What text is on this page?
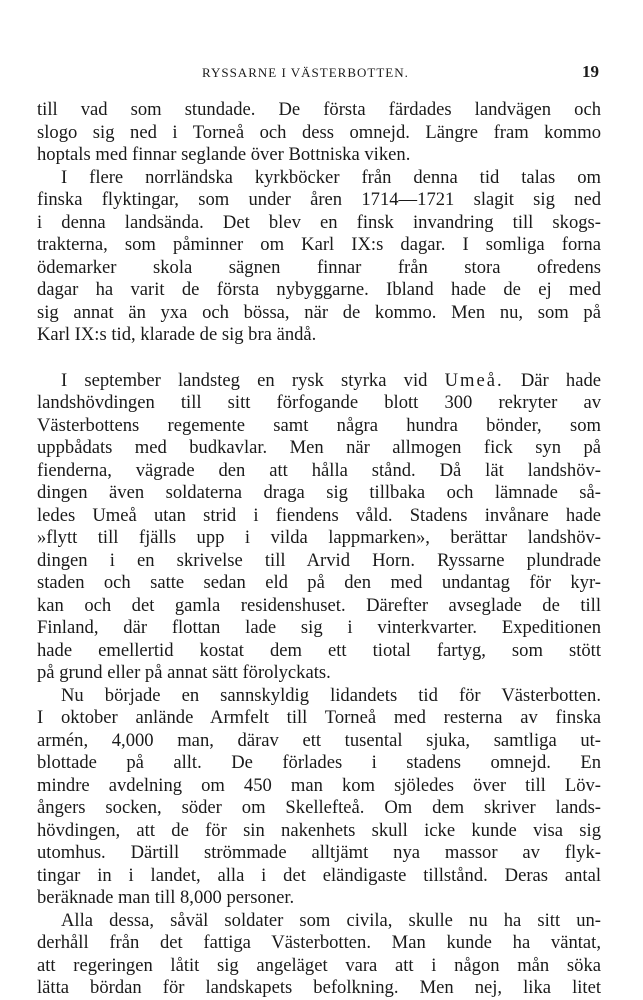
RYSSARNE I VÄSTERBOTTEN.	19
till vad som stundade. De första färdades landvägen och
slogo sig ned i Torneå och dess omnejd. Längre fram kommo
hoptals med finnar seglande över Bottniska viken.
I flere norrländska kyrkböcker från denna tid talas om
finska flyktingar, som under åren 1714—1721 slagit sig ned
i denna landsända. Det blev en finsk invandring till skogs-
trakterna, som påminner om Karl IX:s dagar. I somliga forna
ödemarker skola sägnen finnar från stora ofredens
dagar ha varit de första nybyggarne. Ibland hade de ej med
sig annat än yxa och bössa, när de kommo. Men nu, som på
Karl IX:s tid, klarade de sig bra ändå.
I september landsteg en rysk styrka vid Umeå. Där hade
landshövdingen till sitt förfogande blott 300 rekryter av
Västerbottens regemente samt några hundra bönder, som
uppbådats med budkavlar. Men när allmogen fick syn på
fienderna, vägrade den att hålla stånd. Då lät landshöv-
dingen även soldaterna draga sig tillbaka och lämnade så-
ledes Umeå utan strid i fiendens våld. Stadens invånare hade
»flytt till fjälls upp i vilda lappmarken», berättar landshöv-
dingen i en skrivelse till Arvid Horn. Ryssarne plundrade
staden och satte sedan eld på den med undantag för kyr-
kan och det gamla residenshuset. Därefter avseglade de till
Finland, där flottan lade sig i vinterkvarter. Expeditionen
hade emellertid kostat dem ett tiotal fartyg, som stött
på grund eller på annat sätt förolyckats.
Nu började en sannskyldig lidandets tid för Västerbotten.
I oktober anlände Armfelt till Torneå med resterna av finska
armén, 4,000 man, därav ett tusental sjuka, samtliga ut-
blottade på allt. De förlades i stadens omnejd. En
mindre avdelning om 450 man kom sjöledes över till Löv-
ångers socken, söder om Skellefteå. Om dem skriver lands-
hövdingen, att de för sin nakenhets skull icke kunde visa sig
utomhus. Därtill strömmade alltjämt nya massor av flyk-
tingar in i landet, alla i det eländigaste tillstånd. Deras antal
beräknade man till 8,000 personer.
Alla dessa, såväl soldater som civila, skulle nu ha sitt un-
derhåll från det fattiga Västerbotten. Man kunde ha väntat,
att regeringen låtit sig angeläget vara att i någon mån söka
lätta bördan för landskapets befolkning. Men nej, lika litet
